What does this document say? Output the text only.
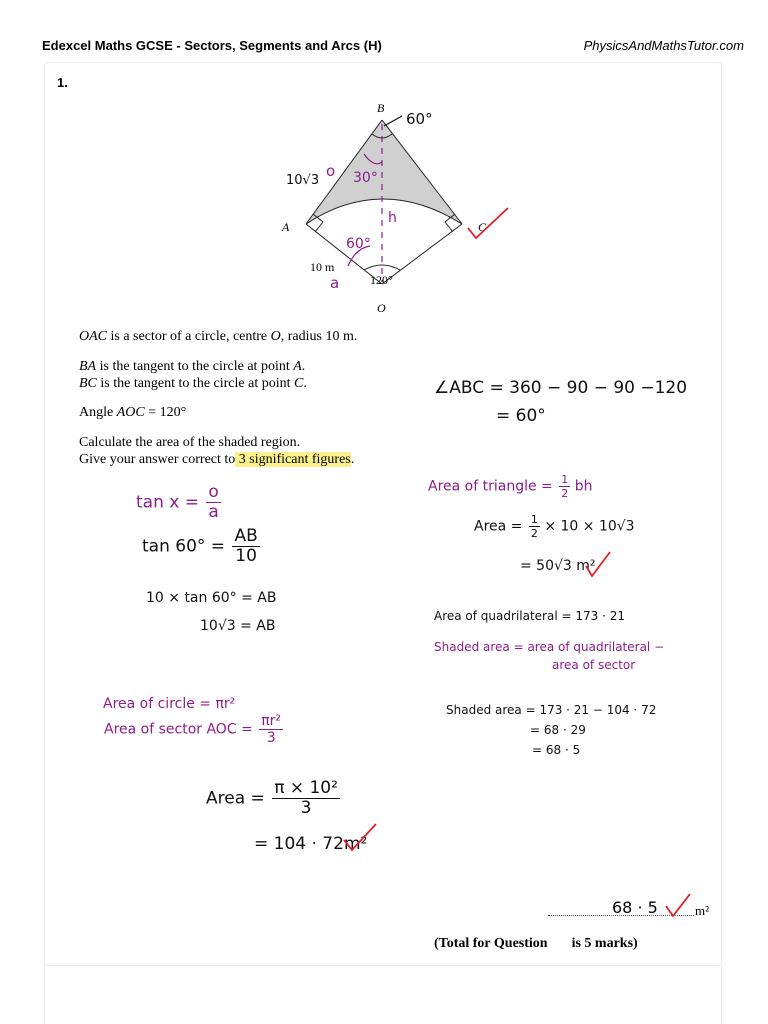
Edexcel Maths GCSE - Sectors, Segments and Arcs (H)	PhysicsAndMathsTutor.com
1.
B
A	C
O
10 m
120°
60°
30°
10√3
o
h
60°
a
OAC is a sector of a circle, centre O, radius 10 m.
BA is the tangent to the circle at point A.
BC is the tangent to the circle at point C.
Angle AOC = 120°
Calculate the area of the shaded region.
Give your answer correct to 3 significant figures.
$\tan x = \frac{o}{a}$
$\tan 60^\circ = \frac{AB}{10}$
10 × tan 60° = AB
10√3 = AB
Area of circle = πr²
Area of sector AOC = $\frac{\text{πr²}}{3}$
Area = $\frac{\text{π × 10²}}{3}$
= 104 · 72m²
∠ABC = 360 − 90 − 90 −120
= 60°
Area of triangle = $\frac{1}{2}$ bh
Area = $\frac{1}{2} \times 10 \times 10√3$
= 50√3 m²
Area of quadrilateral = 173 · 21
Shaded area = area of quadrilateral −
area of sector
Shaded area = 173 · 21 − 104 · 72
= 68 · 29
= 68 · 5
68 · 5	m²
(Total for Question is 5 marks)
